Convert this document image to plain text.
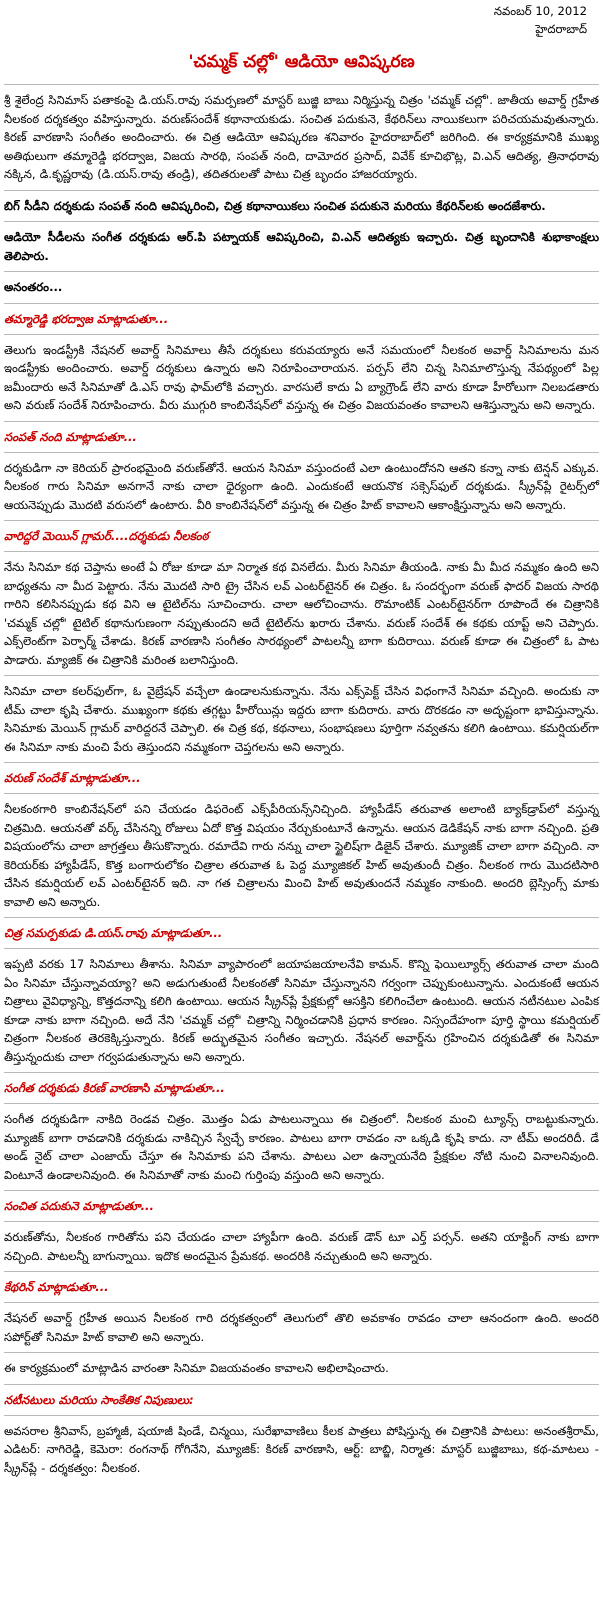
నవంబర్ 10, 2012
హైదరాబాద్
'చమ్మక్ చల్లో' ఆడియో ఆవిష్కరణ

శ్రీ శైలేంద్ర సినిమాస్ పతాకంపై డి.యస్.రావు సమర్పణలో మాస్టర్ బుజ్జి బాబు నిర్మిస్తున్న చిత్రం 'చమ్మక్ చల్లో'. జాతీయ అవార్డ్ గ్రహీత నీలకంఠ దర్శకత్వం వహిస్తున్నారు. వరుణ్‌సందేశ్ కథానాయకుడు. సంచిత పదుకునె, కేథరిన్‌లు నాయికలుగా పరిచయమవుతున్నారు. కిరణ్ వారణాసి సంగీతం అందించారు. ఈ చిత్ర ఆడియో ఆవిష్కరణ శనివారం హైదరాబాద్‌లో జరిగింది. ఈ కార్యక్రమానికి ముఖ్య అతిథులుగా తమ్మారెడ్డి భరద్వాజ, విజయ సారథి, సంపత్ నంది, దామోదర ప్రసాద్, వివేక్ కూచిభొట్ల, వి.ఎన్ ఆదిత్య, త్రినాధరావు నక్కిన, డి.కృష్ణరావు (డి.యస్.రావు తండ్రి), తదితరులతో పాటు చిత్ర బృందం హాజరయ్యారు.

బిగ్ సీడీని దర్శకుడు సంపత్ నంది ఆవిష్కరించి, చిత్ర కథానాయికలు సంచిత పదుకునె మరియు కేథరిన్‌లకు అందజేశారు.

ఆడియో సీడీలను సంగీత దర్శకుడు ఆర్.పి పట్నాయక్ ఆవిష్కరించి, వి.ఎన్ ఆదిత్యకు ఇచ్చారు. చిత్ర బృందానికి శుభాకాంక్షలు తెలిపారు.

అనంతరం...

తమ్మారెడ్డి భరద్వాజ మాట్లాడుతూ...

తెలుగు ఇండస్ట్రీకి నేషనల్ అవార్డ్ సినిమాలు తీసే దర్శకులు కరువయ్యారు అనే సమయంలో నీలకంఠ అవార్డ్ సినిమాలను మన ఇండస్ట్రీకు అందించారు. అవార్డ్ దర్శకులు ఉన్నారు అని నిరూపించారాయన. పర్పస్ లేని చిన్న సినిమాలొస్తున్న నేపథ్యంలో పిల్ల జమీందారు అనే సినిమాతో డి.ఎస్ రావు ఫామ్‌లోకి వచ్చారు. వారసులే కాదు ఏ బ్యాగ్రౌండ్ లేని వారు కూడా హీరోలుగా నిలబడతారు అని వరుణ్ సందేశ్ నిరూపించారు. వీరు ముగ్గురి కాంబినేషన్‌లో వస్తున్న ఈ చిత్రం విజయవంతం కావాలని ఆశిస్తున్నాను అని అన్నారు.

సంపత్ నంది మాట్లాడుతూ...

దర్శకుడిగా నా కెరియర్ ప్రారంభమైంది వరుణ్‌తోనే. ఆయన సినిమా వస్తుందంటే ఎలా ఉంటుందోనని ఆతని కన్నా నాకు టెన్షన్ ఎక్కువ. నీలకంఠ గారు సినిమా అనగానే నాకు చాలా ధైర్యంగా ఉంది. ఎందుకంటే ఆయనొక సక్సెస్‌ఫుల్ దర్శకుడు. స్క్రీన్‌ప్లే రైటర్స్‌లో ఆయనెప్పుడు మొదటి వరుసలో ఉంటారు. వీరి కాంబినేషన్‌లో వస్తున్న ఈ చిత్రం హిట్ కావాలని ఆకాంక్షిస్తున్నాను అని అన్నారు.

వారిద్దరే మెయిన్ గ్లామర్....దర్శకుడు నీలకంఠ

నేను సినిమా కథ చెప్తాను అంటే ఏ రోజు కూడా మా నిర్మాత కథ వినలేదు. మీరు సినిమా తీయండి. నాకు మీ మీద నమ్మకం ఉంది అని బాధ్యతను నా మీద పెట్టారు. నేను మొదటి సారి ట్రై చేసిన లవ్ ఎంటర్‌టైనర్ ఈ చిత్రం. ఓ సందర్భంగా వరుణ్ ఫాదర్ విజయ సారథి గారిని కలిసినప్పుడు కథ విని ఆ టైటిల్‌ను సూచించారు. చాలా ఆలోచించాను. రొమాంటిక్ ఎంటర్‌టైనర్‌గా రూపొందే ఈ చిత్రానికి 'చమ్మక్ చల్లో' టైటిల్ కథానుగుణంగా నప్పుతుందని అదే టైటిల్‌ను ఖరారు చేశాను. వరుణ్ సందేశ్ ఈ కథకు యాప్ట్ అని చెప్పారు. ఎక్స్‌లెంట్‌గా పెర్ఫార్మ్ చేశాడు. కిరణ్ వారణాసి సంగీతం సారథ్యంలో పాటలన్నీ బాగా కుదిరాయి. వరుణ్ కూడా ఈ చిత్రంలో ఓ పాట పాడారు. మ్యాజిక్ ఈ చిత్రానికి మరింత బలానిస్తుంది.

సినిమా చాలా కలర్‌ఫుల్‌గా, ఓ వైబ్రేషన్ వచ్చేలా ఉండాలనుకున్నాను. నేను ఎక్స్‌పెక్ట్ చేసిన విధంగానే సినిమా వచ్చింది. అందుకు నా టీమ్ చాలా కృషి చేశారు. ముఖ్యంగా కథకు తగ్గట్టు హీరోయిన్లు ఇద్దరు బాగా కుదిరారు. వారు దొరకడం నా అదృష్టంగా భావిస్తున్నాను. సినిమాకు మెయిన్ గ్లామర్ వారిద్దరనే చెప్పాలి. ఈ చిత్ర కథ, కథనాలు, సంభాషణలు పూర్తిగా నవ్వతను కలిగి ఉంటాయి. కమర్షియల్‌గా ఈ సినిమా నాకు మంచి పేరు తెస్తుందని నమ్మకంగా చెప్తగలను అని అన్నారు.

వరుణ్ సందేశ్ మాట్లాడుతూ...

నీలకంఠగారి కాంబినేషన్‌లో పని చేయడం డిఫరెంట్ ఎక్స్‌పీరియన్స్‌నిచ్చింది. హ్యాపీడేస్ తరువాత అలాంటి బ్యాక్‌డ్రాప్‌లో వస్తున్న చిత్రమిది. ఆయనతో వర్క్ చేసినన్ని రోజులు ఏదో కొత్త విషయం నేర్చుకుంటూనే ఉన్నాను. ఆయన డెడికేషన్ నాకు బాగా నచ్చింది. ప్రతి విషయంలోను చాలా జాగ్రత్తలు తీసుకొన్నారు. రమాదేవి గారు నన్ను చాలా స్టైలిష్‌గా డిజైన్ చేశారు. మ్యూజిక్ చాలా బాగా వచ్చింది. నా కెరియర్‌కు హ్యాపీడేస్, కొత్త బంగారులోకం చిత్రాల తరువాత ఓ పెద్ద మ్యూజికల్ హిట్ అవుతుందీ చిత్రం. నీలకంఠ గారు మొదటిసారి చేసిన కమర్షియల్ లవ్ ఎంటర్‌టైనర్ ఇది. నా గత చిత్రాలను మించి హిట్ అవుతుందనే నమ్మకం నాకుంది. అందరి బ్లెస్సింగ్స్ మాకు కావాలి అని అన్నారు.

చిత్ర సమర్పకుడు డి.యస్.రావు మాట్లాడుతూ...

ఇప్పటి వరకు 17 సినిమాలు తీశాను. సినిమా వ్యాపారంలో జయాపజయాలనేవి కామన్. కొన్ని ఫెయిల్యూర్స్ తరువాత చాలా మంది ఏం సినిమా చేస్తున్నావయ్యా? అని అడుగుతుంటే నీలకంఠతో సినిమా చేస్తున్నానని గర్వంగా చెప్పుకుంటున్నాను. ఎందుకంటే ఆయన చిత్రాలు వైవిధ్యాన్ని, కొత్తదనాన్ని కలిగి ఉంటాయి. ఆయన స్క్రీన్‌ప్లే ప్రేక్షకుల్లో ఆసక్తిని కలిగించేలా ఉంటుంది. ఆయన నటీనటుల ఎంపిక కూడా నాకు బాగా నచ్చింది. అదే నేని 'చమ్మక్ చల్లో' చిత్రాన్ని నిర్మించడానికి ప్రధాన కారణం. నిస్సందేహంగా పూర్తి స్థాయి కమర్షియల్ చిత్రంగా నీలకంఠ తెరకెక్కిస్తున్నారు. కిరణ్ అద్భుతమైన సంగీతం ఇచ్చారు. నేషనల్ అవార్డ్‌ను గ్రహించిన దర్శకుడితో ఈ సినిమా తీస్తున్నందుకు చాలా గర్వపడుతున్నాను అని అన్నారు.

సంగీత దర్శకుడు కిరణ్ వారణాసి మాట్లాడుతూ...

సంగీత దర్శకుడిగా నాకిది రెండవ చిత్రం. మొత్తం ఏడు పాటలున్నాయి ఈ చిత్రంలో. నీలకంఠ మంచి ట్యూన్స్ రాబట్టుకున్నారు. మ్యూజిక్ బాగా రావడానికి దర్శకుడు నాకిచ్చిన స్వేచ్ఛే కారణం. పాటలు బాగా రావడం నా ఒక్కడి కృషి కాదు. నా టీమ్ అందరిదీ. డే అండ్ నైట్ చాలా ఎంజాయ్ చేస్తూ ఈ సినిమాకు పని చేశాను. పాటలు ఎలా ఉన్నాయనేది ప్రేక్షకుల నోటి నుంచి వినాలనివుంది. వింటూనే ఉండాలనివుంది. ఈ సినిమాతో నాకు మంచి గుర్తింపు వస్తుంది అని అన్నారు.

సంచిత పదుకునె మాట్లాడుతూ...

వరుణ్‌తోను, నీలకంఠ గారితోను పని చేయడం చాలా హ్యాపీగా ఉంది. వరుణ్ డౌన్ టూ ఎర్త్ పర్సన్. అతని యాక్టింగ్ నాకు బాగా నచ్చింది. పాటలన్నీ బాగున్నాయి. ఇదొక అందమైన ప్రేమకథ. అందరికి నచ్చుతుంది అని అన్నారు.

కేథరిన్ మాట్లాడుతూ...

నేషనల్ అవార్డ్ గ్రహీత అయిన నీలకంఠ గారి దర్శకత్వంలో తెలుగులో తొలి అవకాశం రావడం చాలా ఆనందంగా ఉంది. అందరి సపోర్ట్‌తో సినిమా హిట్ కావాలి అని అన్నారు.

ఈ కార్యక్రమంలో మాట్లాడిన వారంతా సినిమా విజయవంతం కావాలని అభిలాషించారు.

నటీనటులు మరియు సాంకేతిక నిపుణులు:

అవసరాల శ్రీనివాస్, బ్రహ్మాజీ, షయాజీ షిండే, చిన్మయి, సురేఖావాణిలు కీలక పాత్రలు పోషిస్తున్న ఈ చిత్రానికి పాటలు: అనంతశ్రీరామ్, ఎడిటర్: నాగిరెడ్డి, కెమెరా: రంగనాథ్ గోగినేని, మ్యూజిక్: కిరణ్ వారణాసి, ఆర్ట్: బాబ్జి, నిర్మాత: మాస్టర్ బుజ్జిబాబు, కథ-మాటలు - స్క్రీన్‌ప్లే - దర్శకత్వం: నీలకంఠ.
